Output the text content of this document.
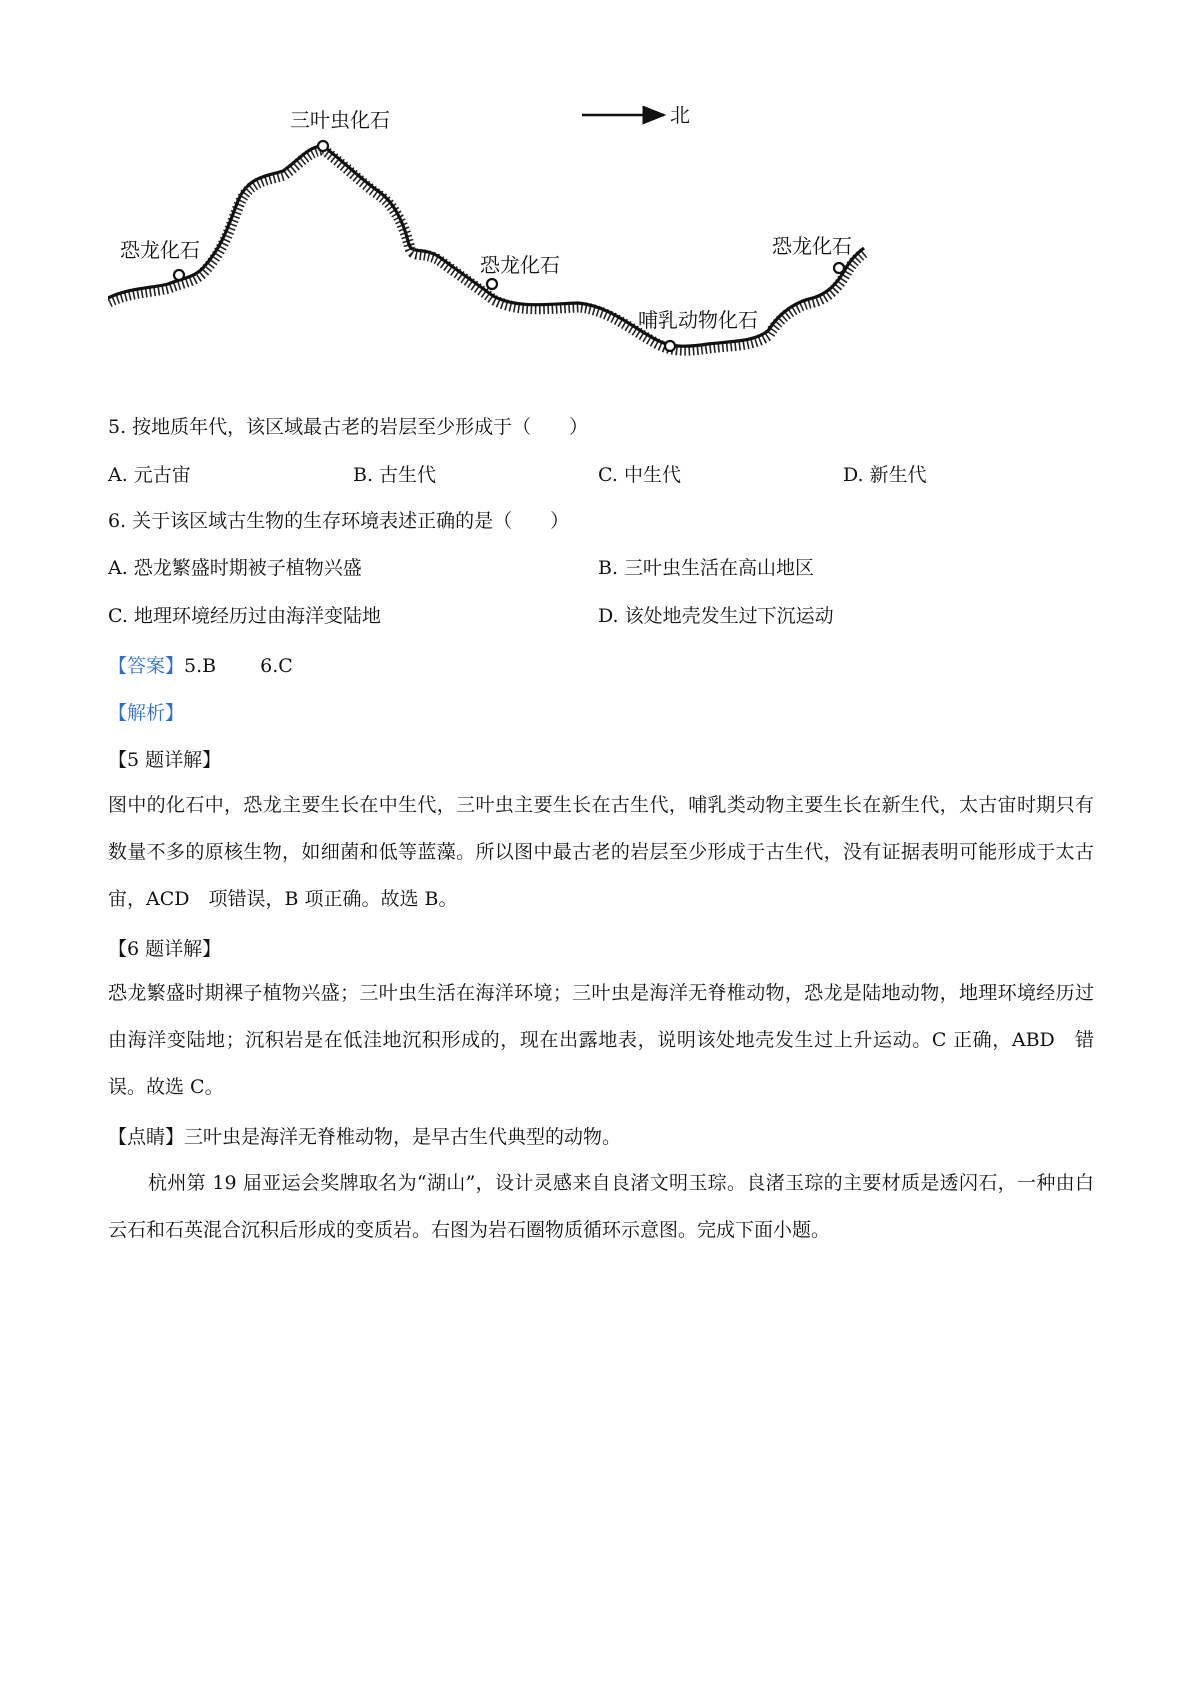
恐龙化石
三叶虫化石
恐龙化石
哺乳动物化石
恐龙化石
北
5. 按地质年代，该区域最古老的岩层至少形成于（　　）
A. 元古宙	B. 古生代	C. 中生代	D. 新生代
6. 关于该区域古生物的生存环境表述正确的是（　　）
A. 恐龙繁盛时期被子植物兴盛	B. 三叶虫生活在高山地区
C. 地理环境经历过由海洋变陆地	D. 该处地壳发生过下沉运动
【答案】5.B　　 6.C
【解析】
【5 题详解】
图中的化石中，恐龙主要生长在中生代，三叶虫主要生长在古生代，哺乳类动物主要生长在新生代，太古宙时期只有数量不多的原核生物，如细菌和低等蓝藻。所以图中最古老的岩层至少形成于古生代，没有证据表明可能形成于太古宙，ACD　项错误，B 项正确。故选 B。
【6 题详解】
恐龙繁盛时期裸子植物兴盛；三叶虫生活在海洋环境；三叶虫是海洋无脊椎动物，恐龙是陆地动物，地理环境经历过由海洋变陆地；沉积岩是在低洼地沉积形成的，现在出露地表，说明该处地壳发生过上升运动。C 正确，ABD　错误。故选 C。
【点睛】三叶虫是海洋无脊椎动物，是早古生代典型的动物。
杭州第 19 届亚运会奖牌取名为“湖山”，设计灵感来自良渚文明玉琮。良渚玉琮的主要材质是透闪石，一种由白云石和石英混合沉积后形成的变质岩。右图为岩石圈物质循环示意图。完成下面小题。
